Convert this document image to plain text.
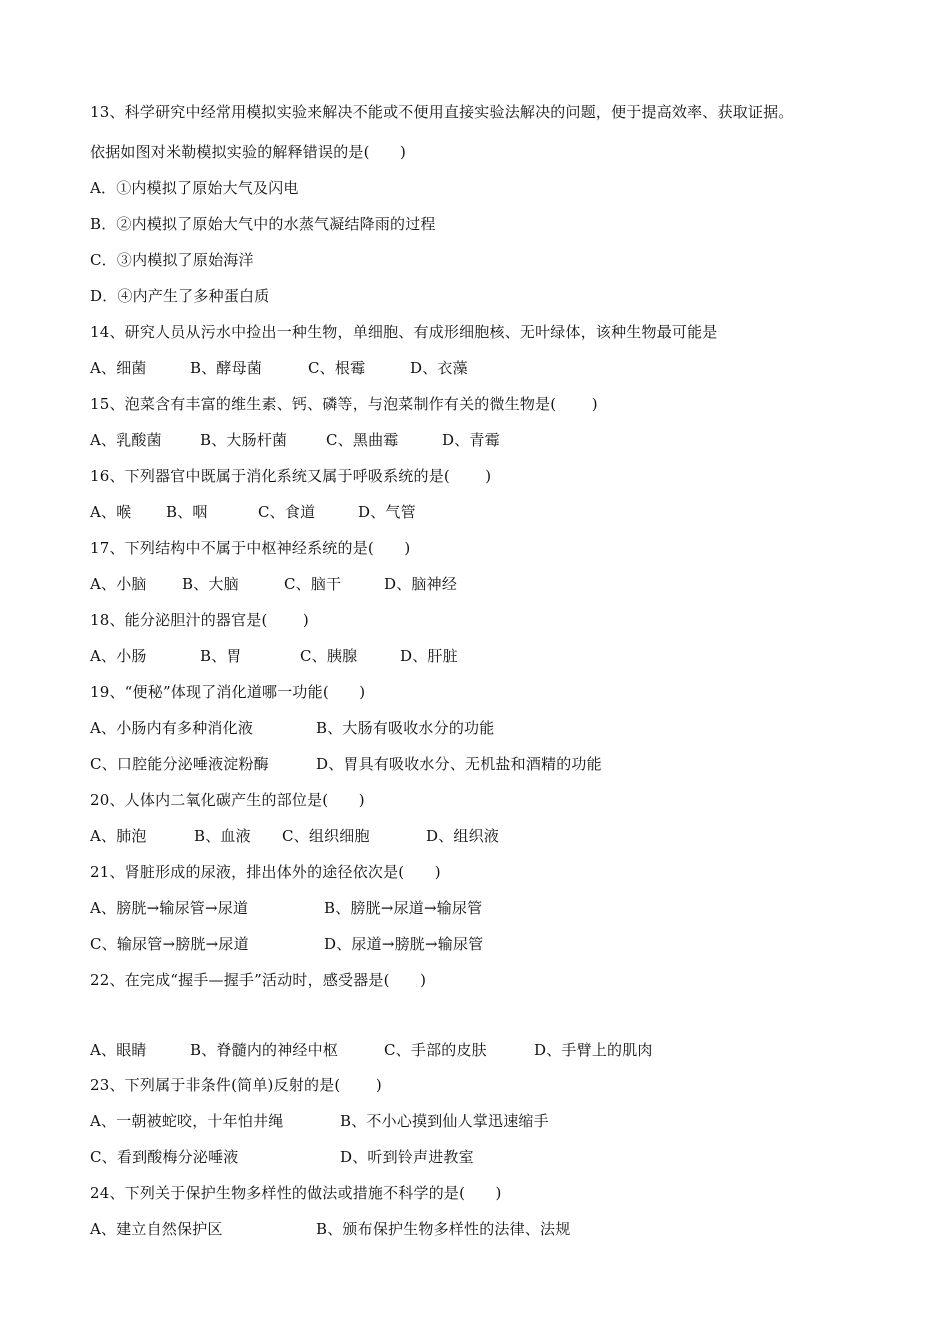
13、科学研究中经常用模拟实验来解决不能或不便用直接实验法解决的问题，便于提高效率、获取证据。
依据如图对米勒模拟实验的解释错误的是(　　)
A．①内模拟了原始大气及闪电
B．②内模拟了原始大气中的水蒸气凝结降雨的过程
C．③内模拟了原始海洋
D．④内产生了多种蛋白质
14、研究人员从污水中捡出一种生物，单细胞、有成形细胞核、无叶绿体，该种生物最可能是

A、细菌

	B、酵母菌

	C、根霉

	D、衣藻

15、泡菜含有丰富的维生素、钙、磷等，与泡菜制作有关的微生物是(　　 )

A、乳酸菌

	B、大肠杆菌

	C、黑曲霉

	D、青霉

16、下列器官中既属于消化系统又属于呼吸系统的是(　　 )

A、喉

B、咽

	C、食道

	D、气管

17、下列结构中不属于中枢神经系统的是(　　)

A、小脑

B、大脑

	C、脑干

	D、脑神经

18、能分泌胆汁的器官是(　　 )

A、小肠

	B、胃

	C、胰腺

	D、肝脏

19、“便秘”体现了消化道哪一功能(　　)

A、小肠内有多种消化液

	B、大肠有吸收水分的功能

C、口腔能分泌唾液淀粉酶

	D、胃具有吸收水分、无机盐和酒精的功能

20、人体内二氧化碳产生的部位是(　　)

A、肺泡

	B、血液

C、组织细胞

	D、组织液

21、肾脏形成的尿液，排出体外的途径依次是(　　)

A、膀胱→输尿管→尿道

	B、膀胱→尿道→输尿管

C、输尿管→膀胱→尿道

	D、尿道→膀胱→输尿管

22、在完成“握手—握手”活动时，感受器是(　　)

A、眼睛

	B、脊髓内的神经中枢

	C、手部的皮肤

	D、手臂上的肌肉

23、下列属于非条件(简单)反射的是(　　 )

A、一朝被蛇咬，十年怕井绳

	B、不小心摸到仙人掌迅速缩手

C、看到酸梅分泌唾液

	D、听到铃声进教室

24、下列关于保护生物多样性的做法或措施不科学的是(　　)

A、建立自然保护区

	B、颁布保护生物多样性的法律、法规
